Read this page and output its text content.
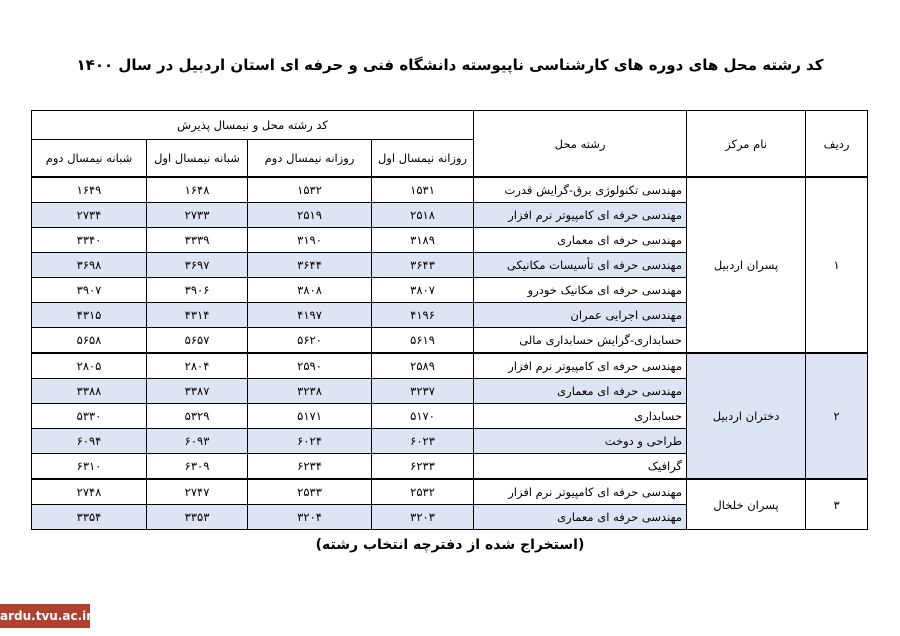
کد رشته محل های دوره های کارشناسی ناپیوسته دانشگاه فنی و حرفه ای استان اردبیل در سال ۱۴۰۰
ردیف	نام مرکز	رشته محل	کد رشته محل و نیمسال پذیرش			
			روزانه نیمسال اول	روزانه نیمسال دوم	شبانه نیمسال اول	شبانه نیمسال دوم
۱	پسران اردبیل	مهندسی تکنولوژی برق-گرایش قدرت	۱۵۳۱	۱۵۳۲	۱۶۴۸	۱۶۴۹
		مهندسی حرفه ای کامپیوتر نرم افزار	۲۵۱۸	۲۵۱۹	۲۷۳۳	۲۷۳۴
		مهندسی حرفه ای معماری	۳۱۸۹	۳۱۹۰	۳۳۳۹	۳۳۴۰
		مهندسی حرفه ای تأسیسات مکانیکی	۳۶۴۳	۳۶۴۴	۳۶۹۷	۳۶۹۸
		مهندسی حرفه ای مکانیک خودرو	۳۸۰۷	۳۸۰۸	۳۹۰۶	۳۹۰۷
		مهندسی اجرایی عمران	۴۱۹۶	۴۱۹۷	۴۳۱۴	۴۳۱۵
		حسابداری-گرایش حسابداری مالی	۵۶۱۹	۵۶۲۰	۵۶۵۷	۵۶۵۸
۲	دختران اردبیل	مهندسی حرفه ای کامپیوتر نرم افزار	۲۵۸۹	۲۵۹۰	۲۸۰۴	۲۸۰۵
		مهندسی حرفه ای معماری	۳۲۳۷	۳۲۳۸	۳۳۸۷	۳۳۸۸
		حسابداری	۵۱۷۰	۵۱۷۱	۵۳۲۹	۵۳۳۰
		طراحی و دوخت	۶۰۲۳	۶۰۲۴	۶۰۹۳	۶۰۹۴
		گرافیک	۶۲۳۳	۶۲۳۴	۶۳۰۹	۶۳۱۰
۳	پسران خلخال	مهندسی حرفه ای کامپیوتر نرم افزار	۲۵۳۲	۲۵۳۳	۲۷۴۷	۲۷۴۸
		مهندسی حرفه ای معماری	۳۲۰۳	۳۲۰۴	۳۳۵۳	۳۳۵۴
(استخراج شده از دفترچه انتخاب رشته)
ardu.tvu.ac.ir
